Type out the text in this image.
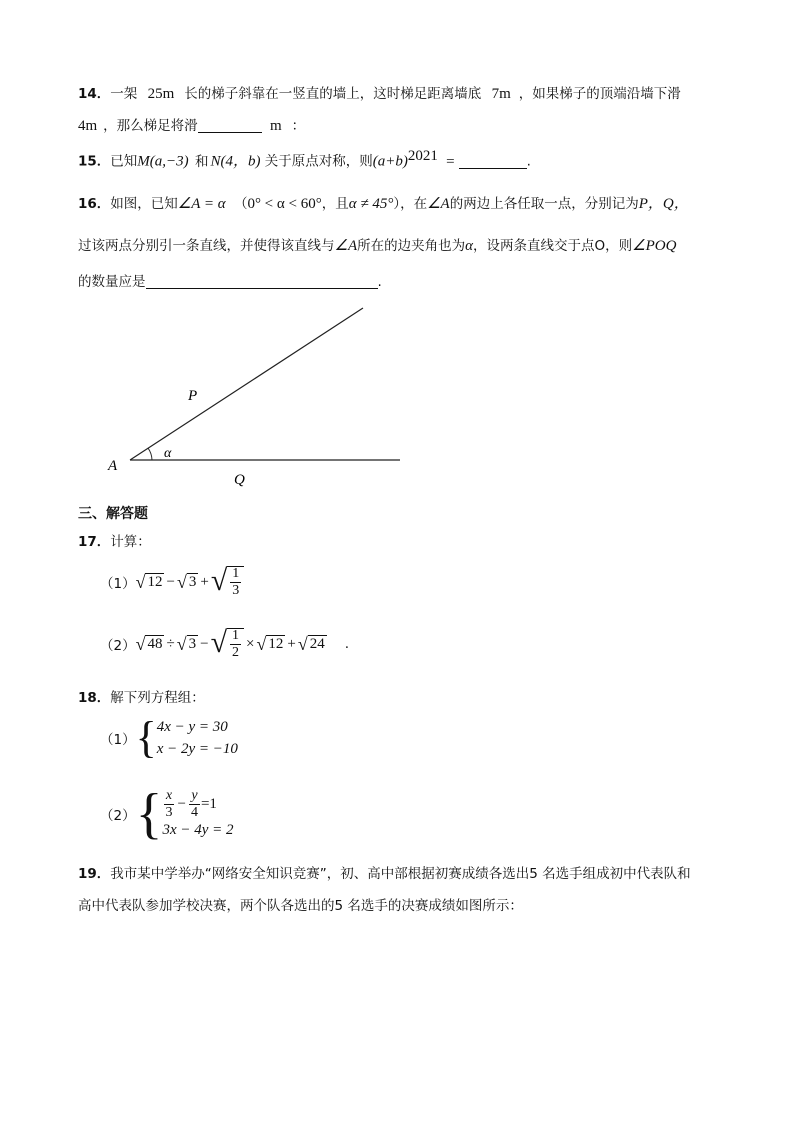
14．一架 25m 长的梯子斜靠在一竖直的墙上，这时梯足距离墙底 7m ，如果梯子的顶端沿墙下滑
4m ，那么梯足将滑	m ：
15．已知M(a,−3) 和 N(4，b) 关于原点对称，则$(a+b)^{2021}$ =	.
16．如图，已知∠A = α （0° < α < 60°，且α ≠ 45°），在∠A的两边上各任取一点，分别记为P，Q，
过该两点分别引一条直线，并使得该直线与∠A所在的边夹角也为α，设两条直线交于点O，则∠POQ
的数量应是	.
A
P
Q
α
三、解答题
17．计算：
（1） √ 12 − √ 3 + √ $\frac{1}{3}$
（2） √ 48 ÷ √ 3 − √ $\frac{1}{2}$ × √ 12 + √ 24 .
18．解下列方程组：
（1） { 4x − y = 30
x − 2y = −10
（2） { $\frac{x}{3} - \frac{y}{4} =1$
3x − 4y = 2
19．我市某中学举办“网络安全知识竞赛”，初、高中部根据初赛成绩各选出5 名选手组成初中代表队和
高中代表队参加学校决赛，两个队各选出的5 名选手的决赛成绩如图所示：
